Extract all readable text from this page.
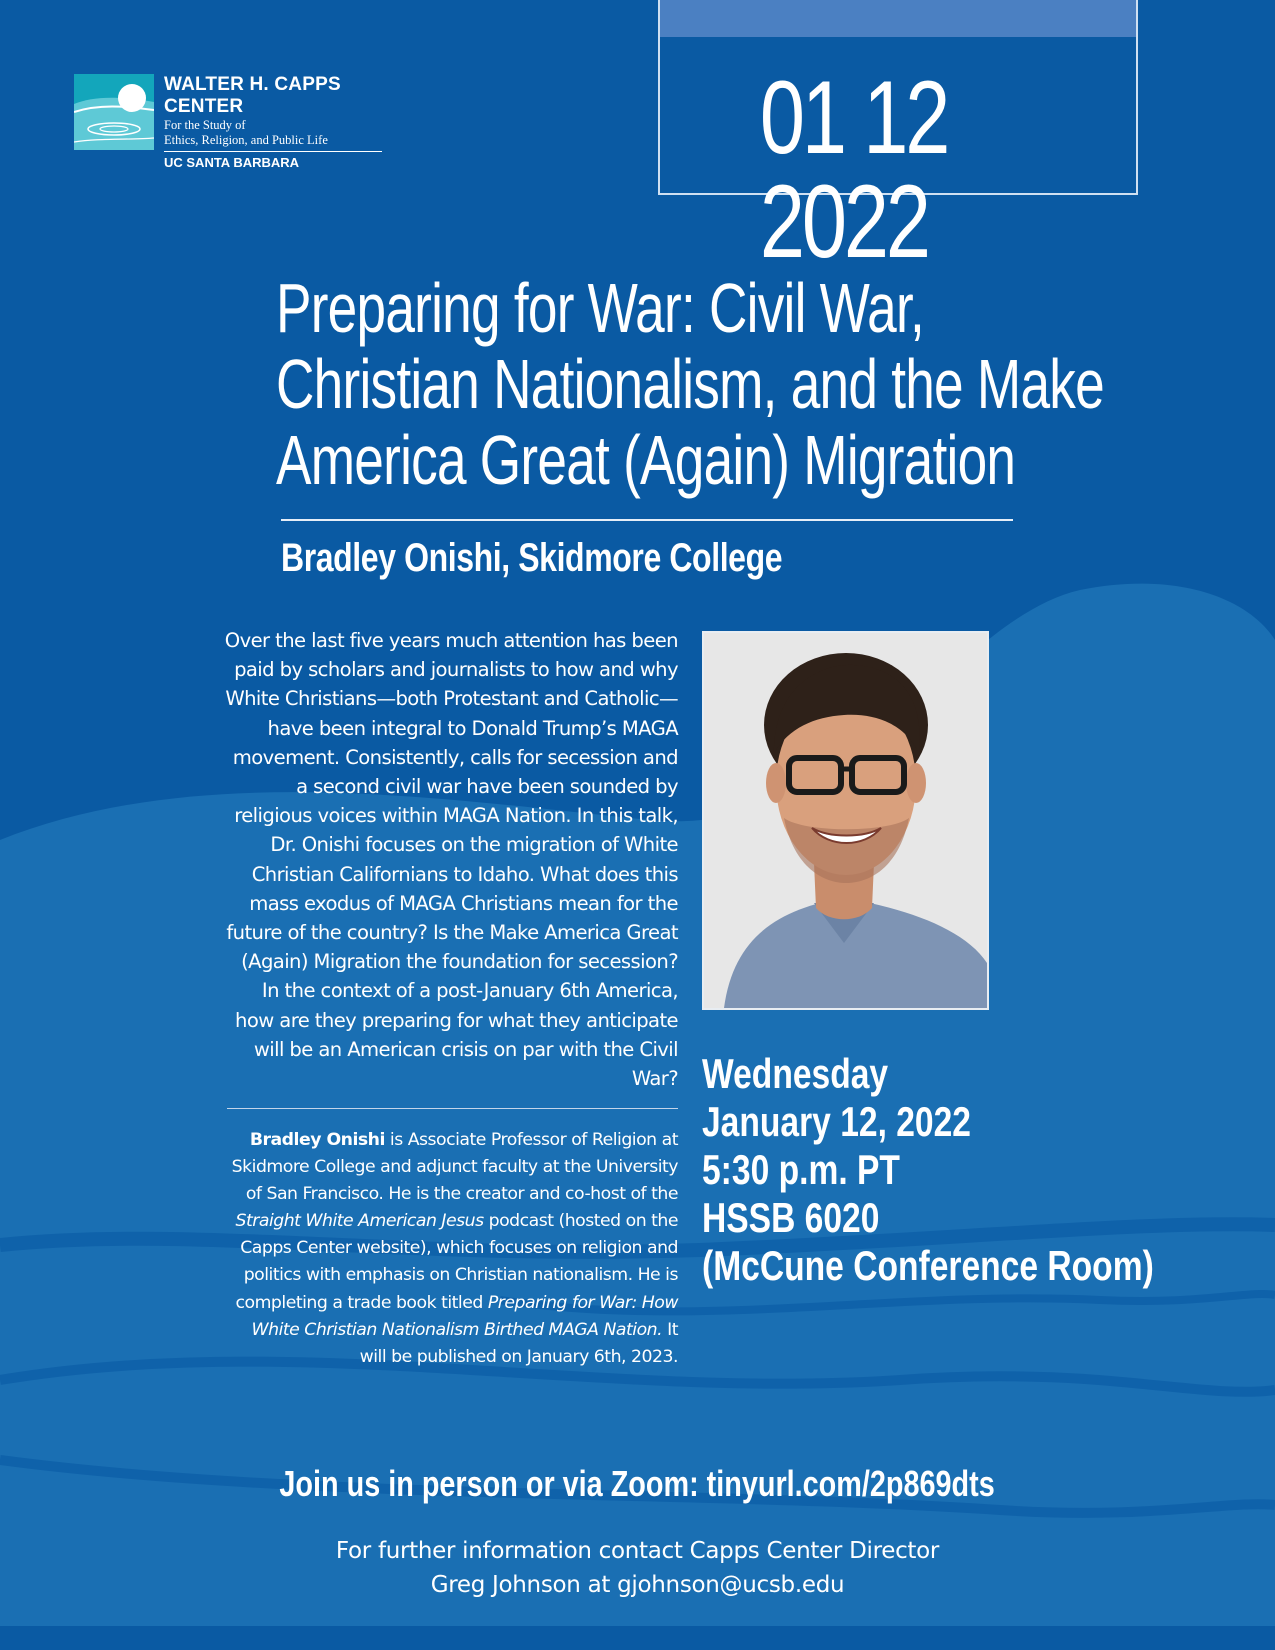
WALTER H. CAPPS CENTER
For the Study of
Ethics, Religion, and Public Life
UC SANTA BARBARA	01 12 2022
Preparing for War: Civil War,
Christian Nationalism, and the Make
America Great (Again) Migration
Bradley Onishi, Skidmore College
Over the last five years much attention has been paid by scholars and journalists to how and why White Christians—both Protestant and Catholic—have been integral to Donald Trump’s MAGA movement. Consistently, calls for secession and a second civil war have been sounded by religious voices within MAGA Nation. In this talk, Dr. Onishi focuses on the migration of White Christian Californians to Idaho. What does this mass exodus of MAGA Christians mean for the future of the country? Is the Make America Great (Again) Migration the foundation for secession? In the context of a post-January 6th America, how are they preparing for what they anticipate will be an American crisis on par with the Civil War?
Bradley Onishi is Associate Professor of Religion at Skidmore College and adjunct faculty at the University of San Francisco. He is the creator and co-host of the Straight White American Jesus podcast (hosted on the Capps Center website), which focuses on religion and politics with emphasis on Christian nationalism. He is completing a trade book titled Preparing for War: How White Christian Nationalism Birthed MAGA Nation. It will be published on January 6th, 2023.
Wednesday
January 12, 2022
5:30 p.m. PT
HSSB 6020
(McCune Conference Room)
Join us in person or via Zoom: tinyurl.com/2p869dts
For further information contact Capps Center Director
Greg Johnson at gjohnson@ucsb.edu
